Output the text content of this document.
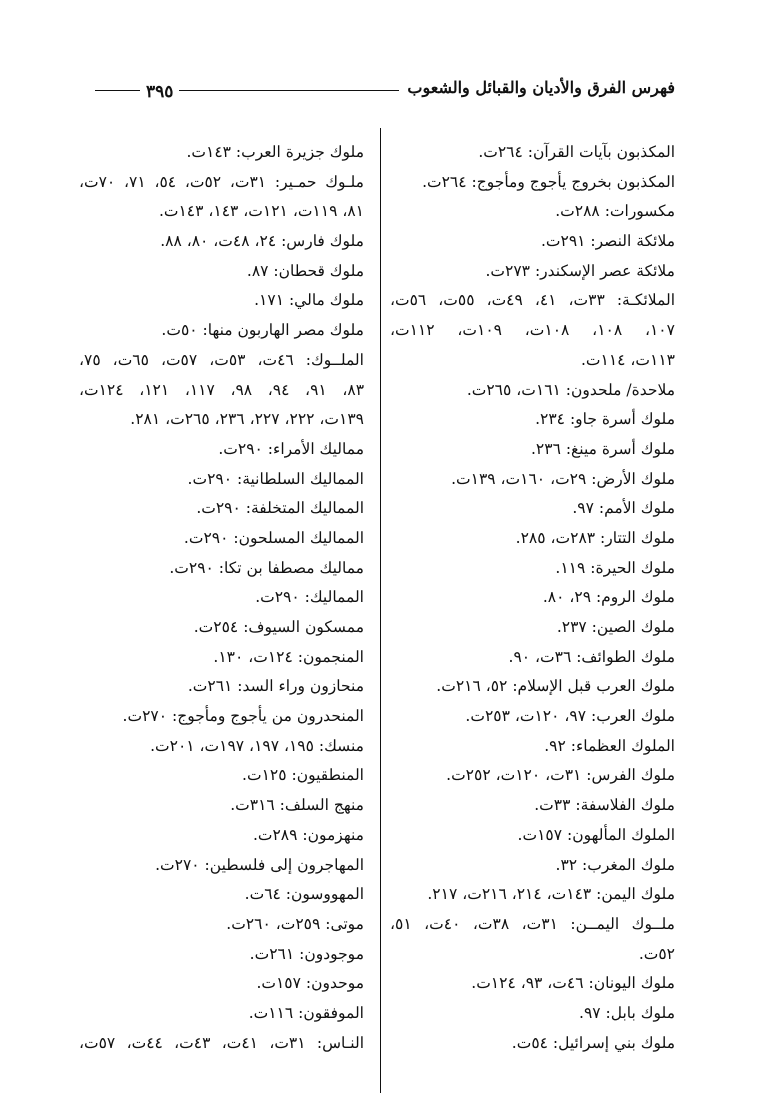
فهرس الفرق والأديان والقبائل والشعوب
٣٩٥
المكذبون بآيات القرآن: ٢٦٤ت.
المكذبون بخروج يأجوج ومأجوج: ٢٦٤ت.
مكسورات: ٢٨٨ت.
ملائكة النصر: ٢٩١ت.
ملائكة عصر الإسكندر: ٢٧٣ت.
الملائكـة: ٣٣ت، ٤١، ٤٩ت، ٥٥ت، ٥٦ت،
١٠٧، ١٠٨، ١٠٨ت، ١٠٩ت، ١١٢ت،
١١٣ت، ١١٤ت.
ملاحدة/ ملحدون: ١٦١ت، ٢٦٥ت.
ملوك أسرة جاو: ٢٣٤.
ملوك أسرة مينغ: ٢٣٦.
ملوك الأرض: ٢٩ت، ١٦٠ت، ١٣٩ت.
ملوك الأمم: ٩٧.
ملوك التتار: ٢٨٣ت، ٢٨٥.
ملوك الحيرة: ١١٩.
ملوك الروم: ٢٩، ٨٠.
ملوك الصين: ٢٣٧.
ملوك الطوائف: ٣٦ت، ٩٠.
ملوك العرب قبل الإسلام: ٥٢، ٢١٦ت.
ملوك العرب: ٩٧، ١٢٠ت، ٢٥٣ت.
الملوك العظماء: ٩٢.
ملوك الفرس: ٣١ت، ١٢٠ت، ٢٥٢ت.
ملوك الفلاسفة: ٣٣ت.
الملوك المألهون: ١٥٧ت.
ملوك المغرب: ٣٢.
ملوك اليمن: ١٤٣ت، ٢١٤، ٢١٦ت، ٢١٧.
ملــوك اليمــن: ٣١ت، ٣٨ت، ٤٠ت، ٥١،
٥٢ت.
ملوك اليونان: ٤٦ت، ٩٣، ١٢٤ت.
ملوك بابل: ٩٧.
ملوك بني إسرائيل: ٥٤ت.
ملوك جزيرة العرب: ١٤٣ت.
ملـوك حمـير: ٣١ت، ٥٢ت، ٥٤، ٧١، ٧٠ت،
٨١، ١١٩ت، ١٢١ت، ١٤٣، ١٤٣ت.
ملوك فارس: ٢٤، ٤٨ت، ٨٠، ٨٨.
ملوك قحطان: ٨٧.
ملوك مالي: ١٧١.
ملوك مصر الهاربون منها: ٥٠ت.
الملــوك: ٤٦ت، ٥٣ت، ٥٧ت، ٦٥ت، ٧٥،
٨٣، ٩١، ٩٤، ٩٨، ١١٧، ١٢١، ١٢٤ت،
١٣٩ت، ٢٢٢، ٢٢٧، ٢٣٦، ٢٦٥ت، ٢٨١.
مماليك الأمراء: ٢٩٠ت.
المماليك السلطانية: ٢٩٠ت.
المماليك المتخلفة: ٢٩٠ت.
المماليك المسلحون: ٢٩٠ت.
مماليك مصطفا بن تكا: ٢٩٠ت.
المماليك: ٢٩٠ت.
ممسكون السيوف: ٢٥٤ت.
المنجمون: ١٢٤ت، ١٣٠.
منحازون وراء السد: ٢٦١ت.
المنحدرون من يأجوج ومأجوج: ٢٧٠ت.
منسك: ١٩٥، ١٩٧، ١٩٧ت، ٢٠١ت.
المنطقيون: ١٢٥ت.
منهج السلف: ٣١٦ت.
منهزمون: ٢٨٩ت.
المهاجرون إلى فلسطين: ٢٧٠ت.
المهووسون: ٦٤ت.
موتى: ٢٥٩ت، ٢٦٠ت.
موجودون: ٢٦١ت.
موحدون: ١٥٧ت.
الموفقون: ١١٦ت.
النـاس: ٣١ت، ٤١ت، ٤٣ت، ٤٤ت، ٥٧ت،
